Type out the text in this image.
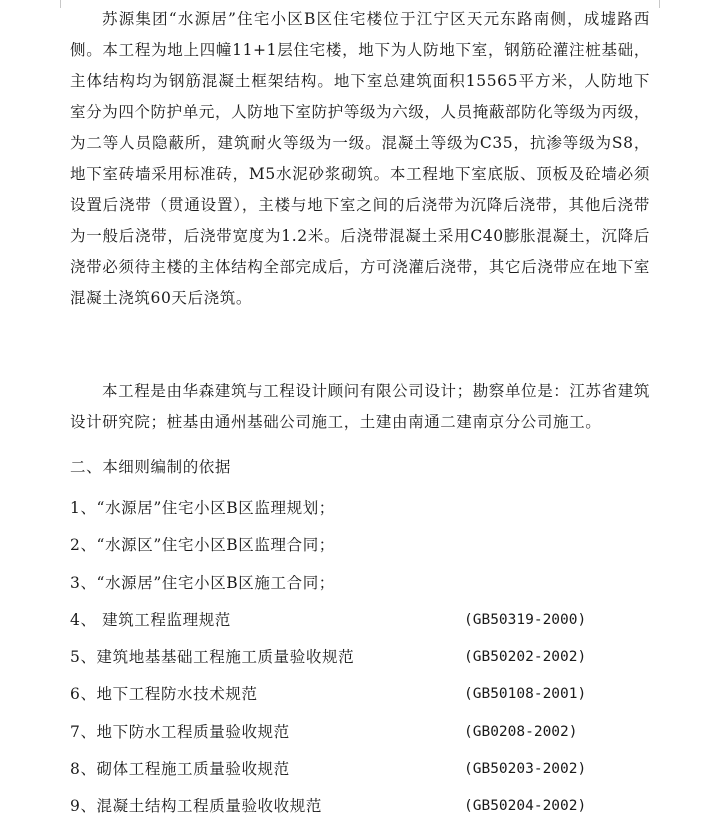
苏源集团“水源居”住宅小区B区住宅楼位于江宁区天元东路南侧，成墟路西侧。本工程为地上四幢11+1层住宅楼，地下为人防地下室，钢筋砼灌注桩基础，主体结构均为钢筋混凝土框架结构。地下室总建筑面积15565平方米，人防地下室分为四个防护单元，人防地下室防护等级为六级，人员掩蔽部防化等级为丙级，为二等人员隐蔽所，建筑耐火等级为一级。混凝土等级为C35，抗渗等级为S8，地下室砖墙采用标准砖，M5水泥砂浆砌筑。本工程地下室底版、顶板及砼墙必须设置后浇带（贯通设置），主楼与地下室之间的后浇带为沉降后浇带，其他后浇带为一般后浇带，后浇带宽度为1.2米。后浇带混凝土采用C40膨胀混凝土，沉降后浇带必须待主楼的主体结构全部完成后，方可浇灌后浇带，其它后浇带应在地下室混凝土浇筑60天后浇筑。

本工程是由华森建筑与工程设计顾问有限公司设计；勘察单位是：江苏省建筑设计研究院；桩基由通州基础公司施工，土建由南通二建南京分公司施工。

二、本细则编制的依据

1、“水源居”住宅小区B区监理规划；
2、“水源区”住宅小区B区监理合同；
3、“水源居”住宅小区B区施工合同；
4、 建筑工程监理规范	(GB50319-2000)
5、建筑地基基础工程施工质量验收规范	(GB50202-2002)
6、地下工程防水技术规范	(GB50108-2001)
7、地下防水工程质量验收规范	(GB0208-2002)
8、砌体工程施工质量验收规范	(GB50203-2002)
9、混凝土结构工程质量验收收规范	(GB50204-2002)
